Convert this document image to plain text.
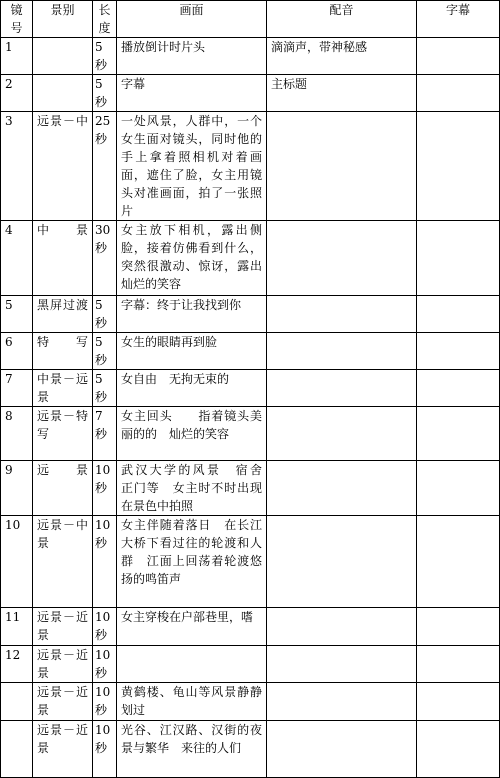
镜号	景别	长度	画面	配音	字幕
1		5秒	播放倒计时片头	滴滴声，带神秘感	
2		5秒	字幕	主标题	
3	远景－中	25秒	一处风景，人群中，一个女生面对镜头，同时他的手上拿着照相机对着画面，遮住了脸，女主用镜头对准画面，拍了一张照片		
4	中景	30秒	女主放下相机，露出侧脸，接着仿佛看到什么，突然很激动、惊讶，露出灿烂的笑容		
5	黑屏过渡	5秒	字幕：终于让我找到你		
6	特写	5秒	女生的眼睛再到脸		
7	中景－远景	5秒	女自由　无拘无束的		
8	远景－特写	7秒	女主回头　　指着镜头美丽的的　灿烂的笑容		
9	远景	10秒	武汉大学的风景　宿舍　正门等　女主时不时出现在景色中拍照		
10	远景－中景	10秒	女主伴随着落日　在长江大桥下看过往的轮渡和人群　江面上回荡着轮渡悠扬的鸣笛声		
11	远景－近景	10秒	女主穿梭在户部巷里，嗜		
12	远景－近景	10秒			
	远景－近景	10秒	黄鹤楼、龟山等风景静静划过		
	远景－近景	10秒	光谷、江汉路、汉街的夜景与繁华　来往的人们		
